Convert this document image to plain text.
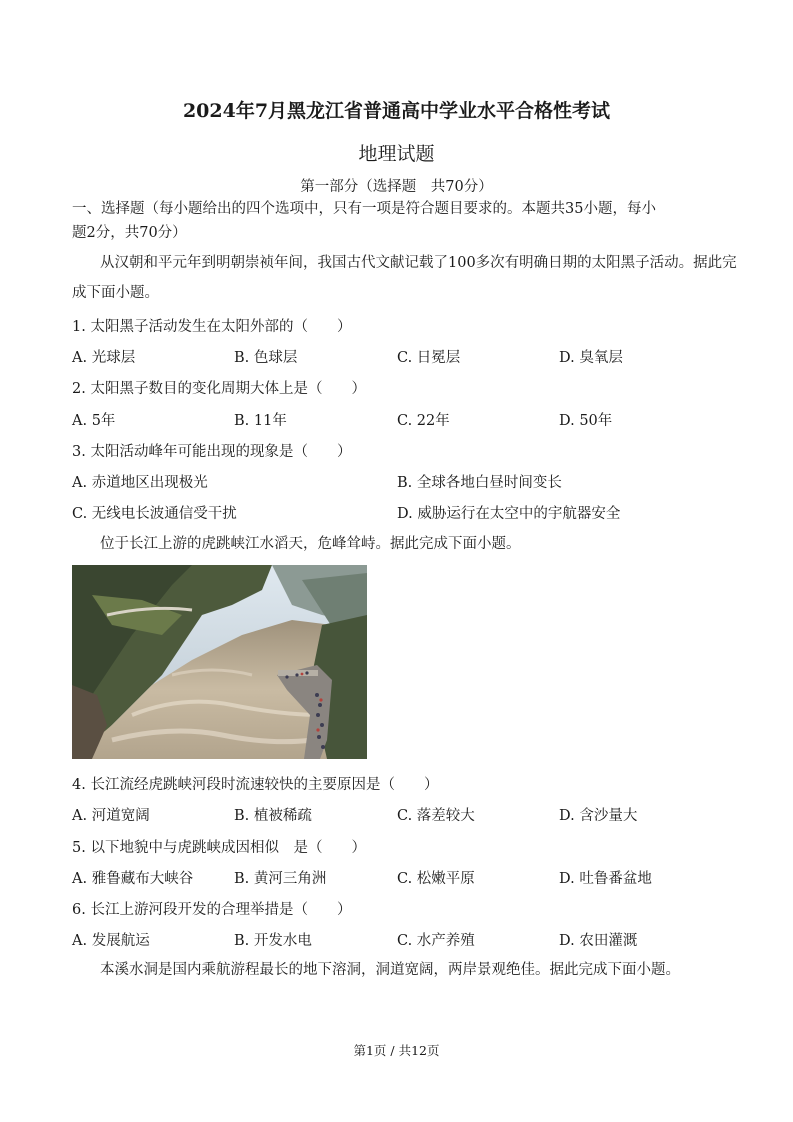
2024年7月黑龙江省普通高中学业水平合格性考试
地理试题
第一部分（选择题　共70分）
一、选择题（每小题给出的四个选项中，只有一项是符合题目要求的。本题共35小题，每小
题2分，共70分）
从汉朝和平元年到明朝崇祯年间，我国古代文献记载了100多次有明确日期的太阳黑子活动。据此完
成下面小题。
1. 太阳黑子活动发生在太阳外部的（　　）
A. 光球层	B. 色球层	C. 日冕层	D. 臭氧层
2. 太阳黑子数目的变化周期大体上是（　　）
A. 5年	B. 11年	C. 22年	D. 50年
3. 太阳活动峰年可能出现的现象是（　　）
A. 赤道地区出现极光	B. 全球各地白昼时间变长
C. 无线电长波通信受干扰	D. 威胁运行在太空中的宇航器安全
位于长江上游的虎跳峡江水滔天，危峰耸峙。据此完成下面小题。
4. 长江流经虎跳峡河段时流速较快的主要原因是（　　）
A. 河道宽阔	B. 植被稀疏	C. 落差较大	D. 含沙量大
5. 以下地貌中与虎跳峡成因相似　是（　　）
A. 雅鲁藏布大峡谷	B. 黄河三角洲	C. 松嫩平原	D. 吐鲁番盆地
6. 长江上游河段开发的合理举措是（　　）
A. 发展航运	B. 开发水电	C. 水产养殖	D. 农田灌溉
本溪水洞是国内乘航游程最长的地下溶洞，洞道宽阔，两岸景观绝佳。据此完成下面小题。
第1页 / 共12页
